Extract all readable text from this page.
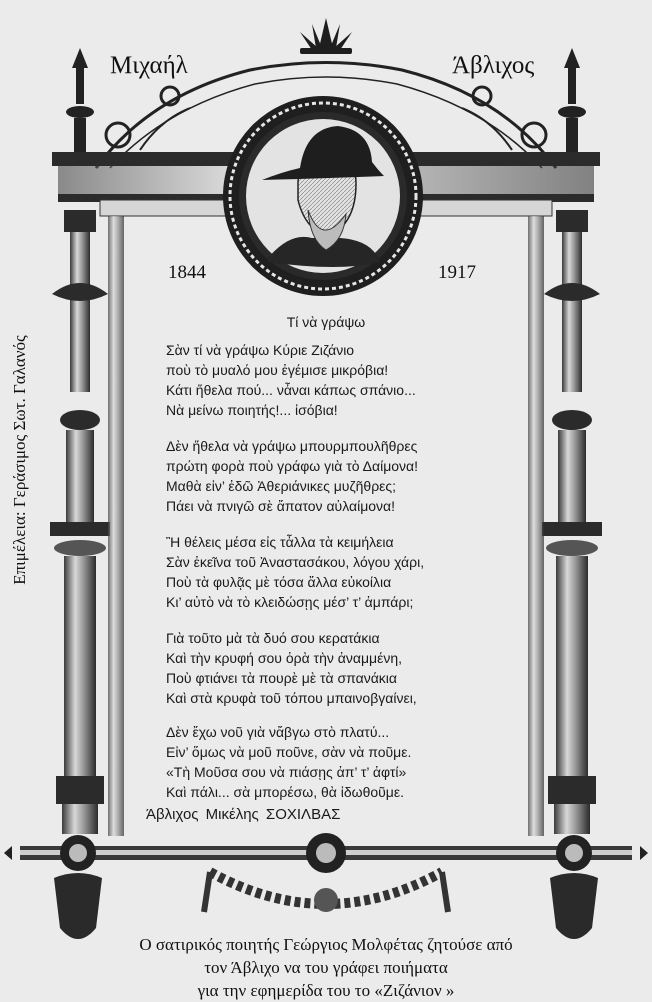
Μιχαήλ	Άβλιχος
1844	1917
Τί νὰ γράψω
Σὰν τί νὰ γράψω Κύριε Ζιζάνιο
ποὺ τὸ μυαλό μου ἐγέμισε μικρόβια!
Κάτι ἤθελα πού... νἆναι κάπως σπάνιο...
Νὰ μείνω ποιητής!... ἰσόβια!
Δὲν ἤθελα νὰ γράψω μπουρμπουλῆθρες
πρώτη φορὰ ποὺ γράφω γιὰ τὸ Δαίμονα!
Μαθὰ εἰν’ ἐδῶ Ἀθεριάνικες μυζῆθρες;
Πάει νὰ πνιγῶ σὲ ἄπατον αὐλαίμονα!
Ἢ θέλεις μέσα εἰς τἆλλα τὰ κειμήλεια
Σὰν ἐκεῖνα τοῦ Ἀναστασάκου, λόγου χάρι,
Ποὺ τὰ φυλᾷς μὲ τόσα ἄλλα εὐκοίλια
Κι’ αὐτὸ νὰ τὸ κλειδώσῃς μέσ’ τ’ ἀμπάρι;
Γιὰ τοῦτο μὰ τὰ δυό σου κερατάκια
Καὶ τὴν κρυφή σου ὀρὰ τὴν ἀναμμένη,
Ποὺ φτιάνει τὰ πουρὲ μὲ τὰ σπανάκια
Καὶ στὰ κρυφὰ τοῦ τόπου μπαινοβγαίνει,
Δὲν ἔχω νοῦ γιὰ νἄβγω στὸ πλατύ...
Εἰν’ ὅμως νὰ μοῦ ποῦνε, σὰν νὰ ποῦμε.
«Τὴ Μοῦσα σου νὰ πιάσῃς ἀπ’ τ’ ἀφτί»
Καὶ πάλι... σὰ μπορέσω, θὰ ἰδωθοῦμε.
Άβλιχος Μικέλης ΣΟΧΙΛΒΑΣ
Επιμέλεια: Γεράσιμος Σωτ. Γαλανός
Ο σατιρικός ποιητής Γεώργιος Μολφέτας ζητούσε από
τον Άβλιχο να του γράφει ποιήματα
για την εφημερίδα του το «Ζιζάνιον »
